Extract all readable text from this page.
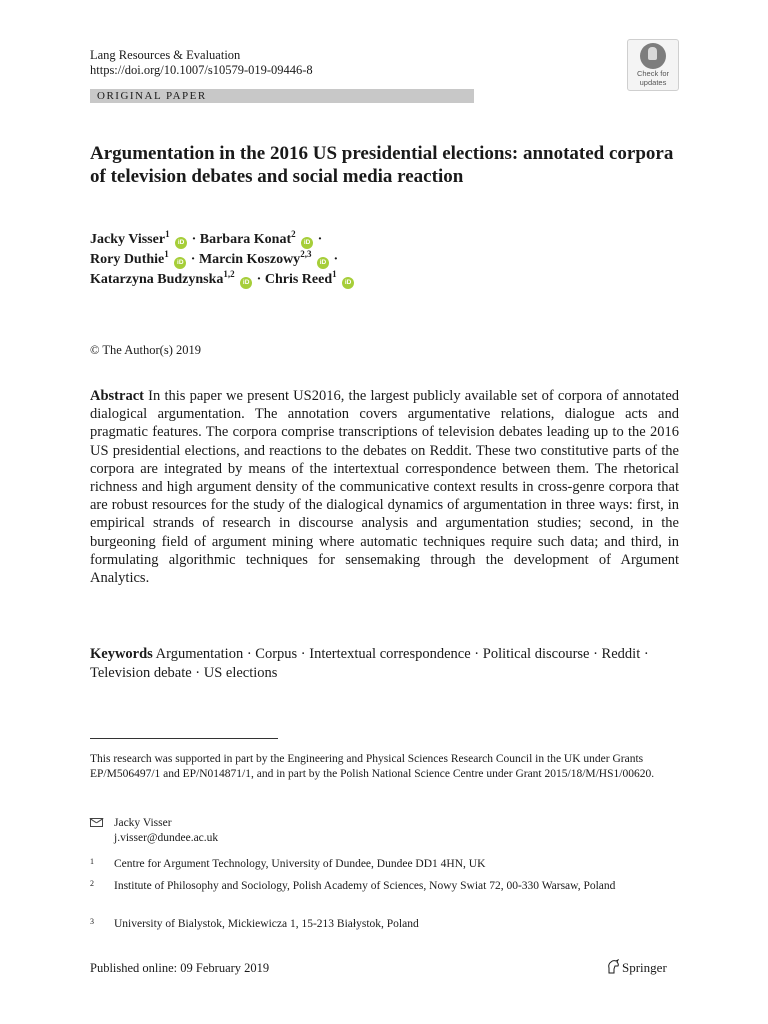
Lang Resources & Evaluation
https://doi.org/10.1007/s10579-019-09446-8	Check for
updates
ORIGINAL PAPER
Argumentation in the 2016 US presidential elections: annotated corpora of television debates and social media reaction
Jacky Visser$^1$ iD · Barbara Konat$^2$ iD ·
Rory Duthie$^1$ iD · Marcin Koszowy$^{2,3}$ iD ·
Katarzyna Budzynska$^{1,2}$ iD · Chris Reed$^1$ iD
© The Author(s) 2019
Abstract In this paper we present US2016, the largest publicly available set of corpora of annotated dialogical argumentation. The annotation covers argumentative relations, dialogue acts and pragmatic features. The corpora comprise transcriptions of television debates leading up to the 2016 US presidential elections, and reactions to the debates on Reddit. These two constitutive parts of the corpora are integrated by means of the intertextual correspondence between them. The rhetorical richness and high argument density of the communicative context results in cross-genre corpora that are robust resources for the study of the dialogical dynamics of argumentation in three ways: first, in empirical strands of research in discourse analysis and argumentation studies; second, in the burgeoning field of argument mining where automatic techniques require such data; and third, in formulating algorithmic techniques for sensemaking through the development of Argument Analytics.
Keywords Argumentation · Corpus · Intertextual correspondence · Political discourse · Reddit · Television debate · US elections
This research was supported in part by the Engineering and Physical Sciences Research Council in the UK under Grants EP/M506497/1 and EP/N014871/1, and in part by the Polish National Science Centre under Grant 2015/18/M/HS1/00620.
Jacky Visser
j.visser@dundee.ac.uk
1 Centre for Argument Technology, University of Dundee, Dundee DD1 4HN, UK
2 Institute of Philosophy and Sociology, Polish Academy of Sciences, Nowy Swiat 72, 00-330 Warsaw, Poland
3 University of Bialystok, Mickiewicza 1, 15-213 Białystok, Poland
Published online: 09 February 2019	Springer
